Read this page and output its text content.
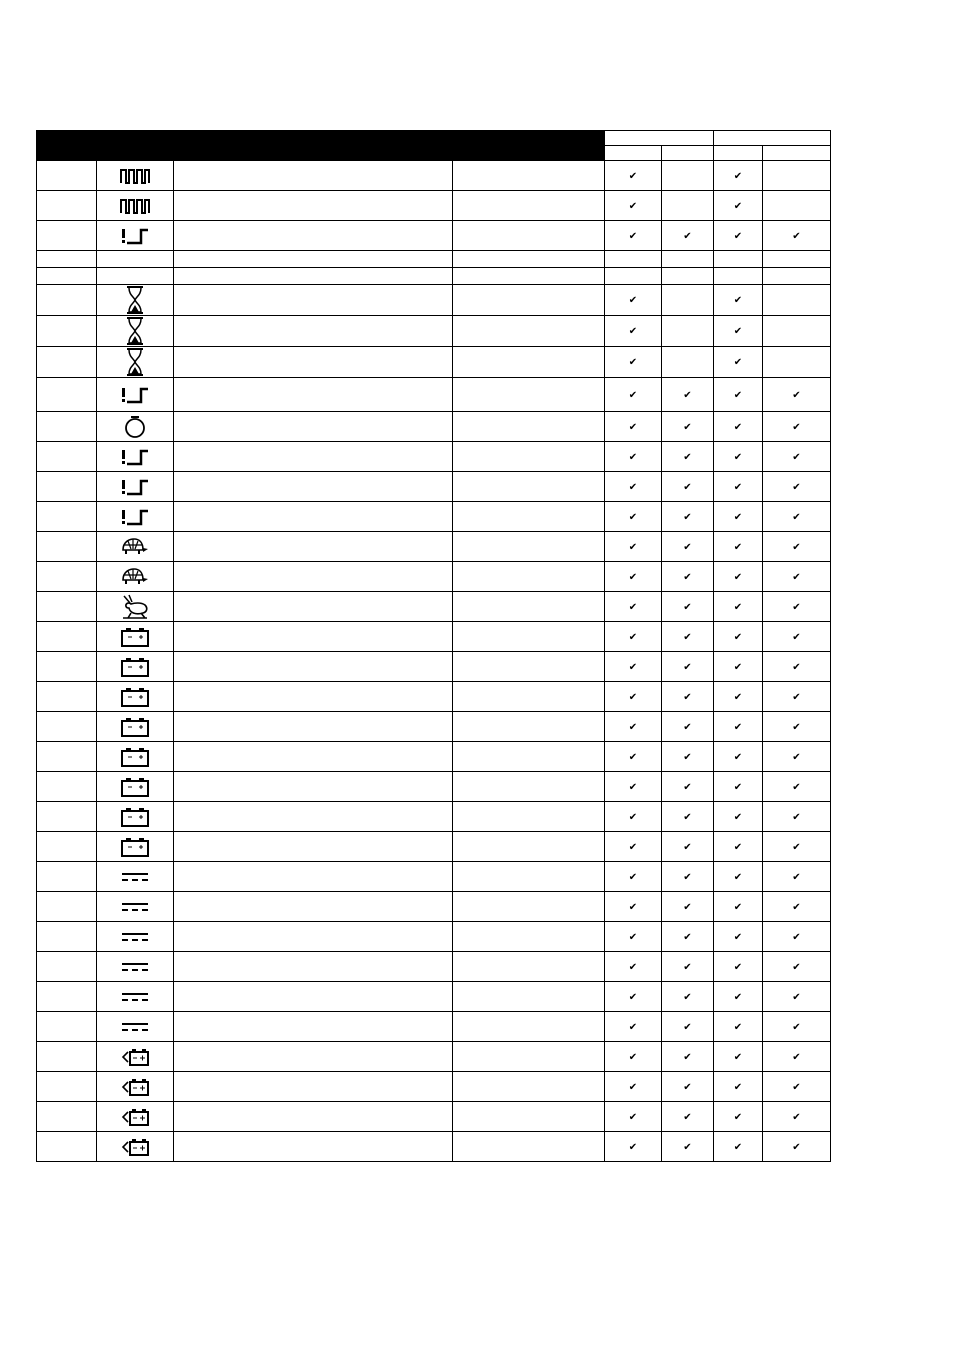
			✔		✔	

			✔		✔	

			✔	✔	✔	✔

			✔		✔	

			✔		✔	

			✔		✔	

			✔	✔	✔	✔

			✔	✔	✔	✔

			✔	✔	✔	✔

			✔	✔	✔	✔

			✔	✔	✔	✔

			✔	✔	✔	✔

			✔	✔	✔	✔

			✔	✔	✔	✔

			✔	✔	✔	✔

			✔	✔	✔	✔

			✔	✔	✔	✔

			✔	✔	✔	✔

			✔	✔	✔	✔

			✔	✔	✔	✔

			✔	✔	✔	✔

			✔	✔	✔	✔

			✔	✔	✔	✔

			✔	✔	✔	✔

			✔	✔	✔	✔

			✔	✔	✔	✔

			✔	✔	✔	✔

			✔	✔	✔	✔

			✔	✔	✔	✔

			✔	✔	✔	✔

			✔	✔	✔	✔

			✔	✔	✔	✔
